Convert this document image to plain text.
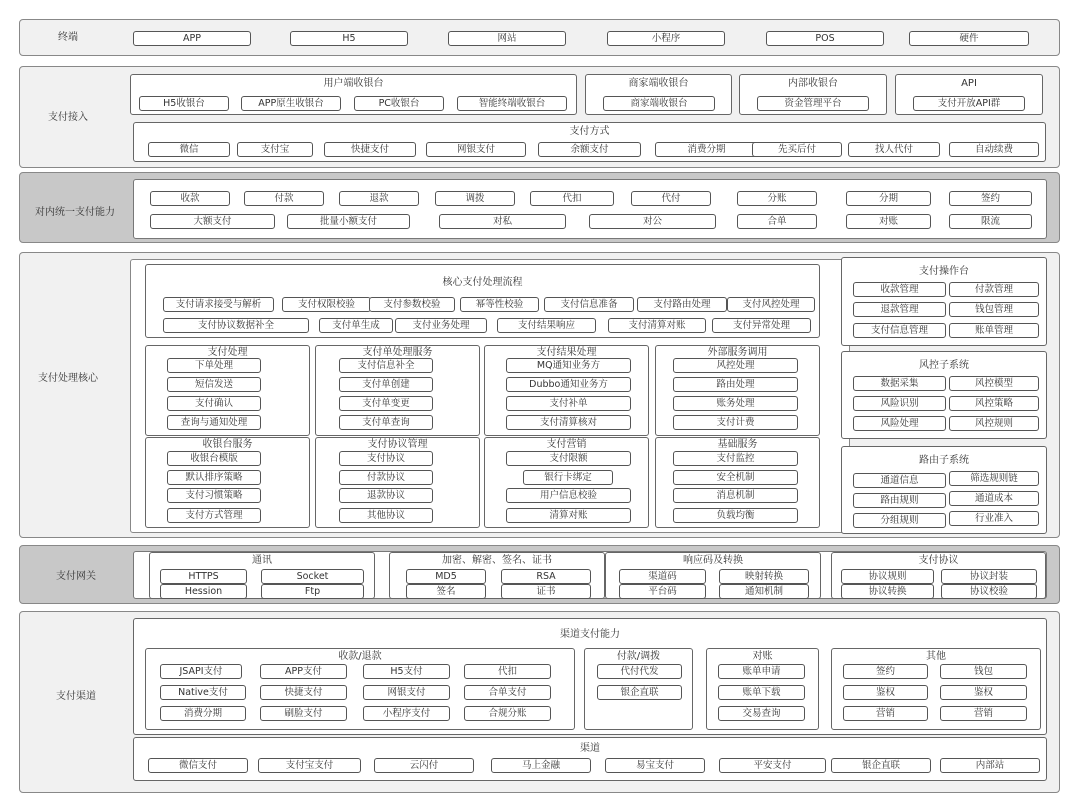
终端	APP	H5	网站	小程序	POS	硬件
支付接入
用户端收银台
H5收银台	APP原生收银台	PC收银台	智能终端收银台
商家端收银台
商家端收银台
内部收银台
资金管理平台
API
支付开放API群
支付方式
微信	支付宝	快捷支付	网银支付	余额支付	消费分期	先买后付	找人代付	自动续费
对内统一支付能力
收款	付款	退款	调拨	代扣	代付	分账	分期	签约
大额支付	批量小额支付	对私	对公	合单	对账	限流
支付处理核心
核心支付处理流程
支付请求接受与解析	支付权限校验	支付参数校验	幂等性校验	支付信息准备	支付路由处理	支付风控处理
支付协议数据补全	支付单生成	支付业务处理	支付结果响应	支付清算对账	支付异常处理
支付处理
下单处理
短信发送
支付确认
查询与通知处理
支付单处理服务
支付信息补全
支付单创建
支付单变更
支付单查询
支付结果处理
MQ通知业务方
Dubbo通知业务方
支付补单
支付清算核对
外部服务调用
风控处理
路由处理
账务处理
支付计费
收银台服务
收银台模版
默认排序策略
支付习惯策略
支付方式管理
支付协议管理
支付协议
付款协议
退款协议
其他协议
支付营销
支付限额
银行卡绑定
用户信息校验
清算对账
基础服务
支付监控
安全机制
消息机制
负载均衡
支付操作台
收款管理	付款管理
退款管理	钱包管理
支付信息管理	账单管理
风控子系统
数据采集	风控模型
风险识别	风控策略
风险处理	风控规则
路由子系统
通道信息	筛选规则链
路由规则	通道成本
分组规则	行业准入
支付网关
通讯
HTTPS	Socket
Hession	Ftp
加密、解密、签名、证书
MD5	RSA
签名	证书
响应码及转换
渠道码	映射转换
平台码	通知机制
支付协议
协议规则	协议封装
协议转换	协议校验
支付渠道
渠道支付能力
收款/退款
JSAPI支付	APP支付	H5支付	代扣
Native支付	快捷支付	网银支付	合单支付
消费分期	刷脸支付	小程序支付	合规分账
付款/调拨
代付代发
银企直联
对账
账单申请
账单下载
交易查询
其他
签约	钱包
鉴权	鉴权
营销	营销
渠道
微信支付	支付宝支付	云闪付	马上金融	易宝支付	平安支付	银企直联	内部站
